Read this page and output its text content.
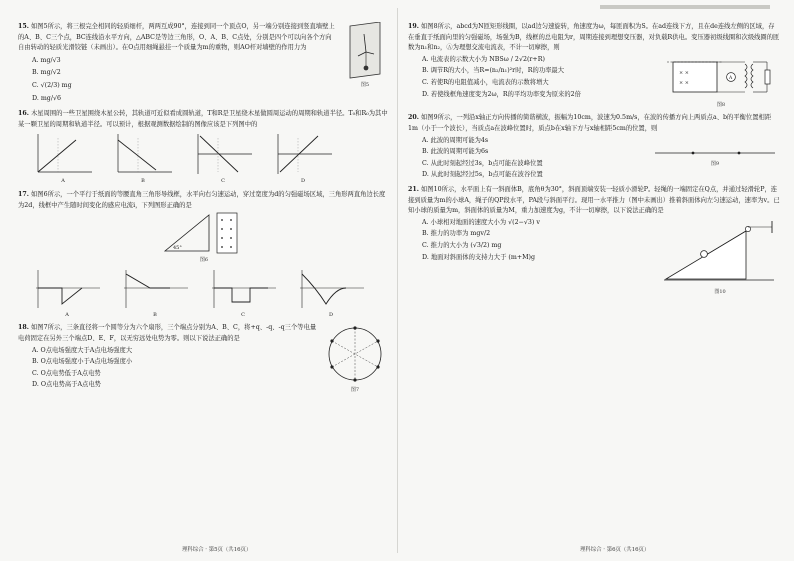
15. 如图5所示，将三根完全相同的轻质细杆，两两互成90°，连接到同一个顶点O，另一端分别连接到竖直墙壁上的A、B、C三个点，BC连线沿水平方向，△ABC是等边三角形，O、A、B、C点处，分别是四个可以向各个方向自由转动的轻质光滑铰链（未画出）。在O点用细绳悬挂一个质量为m的重物，则AO杆对墙壁的作用力为

A. mg/√3
B. mg/√2
C. √(2/3) mg
D. mg/√6
图5

16. 木星周围的一些卫星围绕木星公转，其轨道可近似看成圆轨道，T和R是卫星绕木星做圆周运动的周期和轨道半径。T₀和R₀为其中某一颗卫星的周期和轨道半径。可以预计，根据观测数据绘制的图像应该是下列图中的

A	B	C	D

17. 如图6所示，一个平行于纸面的等腰直角三角形导线框，水平向右匀速运动，穿过宽度为d的匀强磁场区域，三角形两直角边长度为2d，线框中产生随时间变化的感应电流i，下列图形正确的是

45°
图6
A	B	C	D

18. 如图7所示，三条直径将一个圆等分为六个扇形，三个端点分别为A、B、C，将+q、-q、-q三个等电量电荷固定在另外三个端点D、E、F，以无穷远处电势为零。则以下说法正确的是

A. O点电场强度大于A点电场强度大
B. O点电场强度小于A点电场强度小
C. O点电势低于A点电势
D. O点电势高于A点电势
图7
理科综合 · 第5页（共16页）

19. 如图8所示，abcd为N匝矩形线圈，以ad边匀速旋转，角速度为ω，每匝面积为S。在ad连线下方，且在de连线左侧的区域，存在垂直于纸面向里的匀强磁场，场强为B，线框的总电阻为r，周期连接到理想变压器，对负载R供电。变压器初级线圈和次级线圈的匝数为n₁和n₂，Ⓐ为理想交流电流表，不计一切摩擦，则

A. 电流表的示数大小为 NBSω / 2√2(r+R)
B. 调节R的大小，当R=(n₂/n₁)²r时，R的功率最大
C. 若使R的电阻值减小，电流表的示数将增大
D. 若使线框角速度变为2ω，R的平均功率变为原来的2倍
× ×
× ×
A
图8

20. 如图9所示，一列沿x轴正方向传播的简谐横波，振幅为10cm，波速为0.5m/s，在波的传播方向上两质点a、b的平衡位置相距1m（小于一个波长），当质点a在波峰位置时，质点b在x轴下方与x轴相距5cm的位置，则

A. 此波的周期可能为4s
B. 此波的周期可能为6s
C. 从此时刻起经过3s，b点可能在波峰位置
D. 从此时刻起经过5s，b点可能在波谷位置
图9

21. 如图10所示，水平面上有一斜面体B，底角θ为30°，斜面顶端安装一轻质小滑轮P。轻绳的一端固定在Q点，并通过轻滑轮P，连接到质量为m的小球A，绳子的QP段水平，PA段与斜面平行。现用一水平推力（图中未画出）推着斜面体向左匀速运动，速率为v。已知小球的质量为m，斜面体的质量为M，重力加速度为g，不计一切摩擦，以下说法正确的是

A. 小球相对地面的速度大小为 √(2−√3) v
B. 推力的功率为 mgv/2
C. 推力的大小为 (√3/2) mg
D. 地面对斜面体的支持力大于 (m+M)g
图10
理科综合 · 第6页（共16页）
